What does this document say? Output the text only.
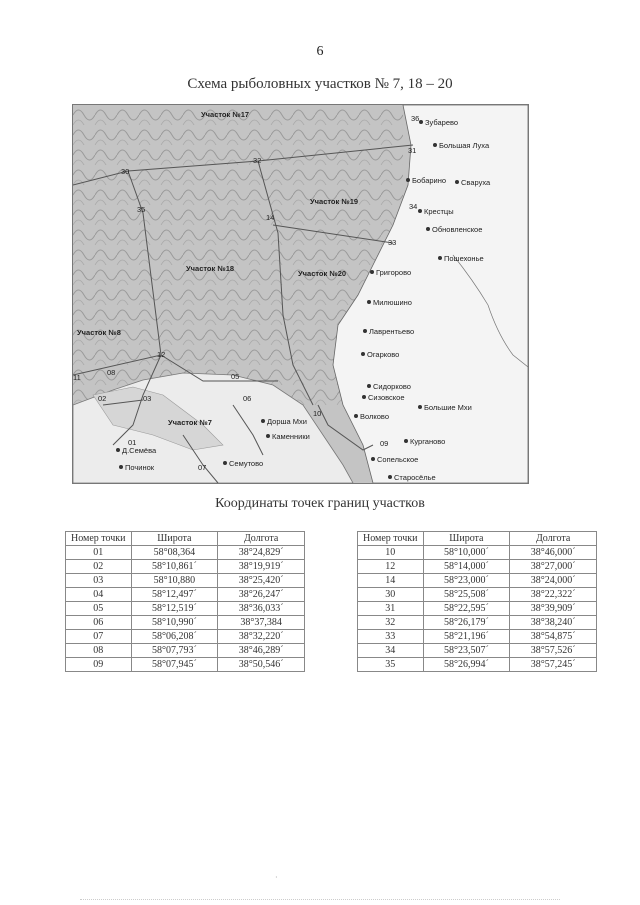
6
Схема рыболовных участков № 7, 18 – 20
Участок №17
Участок №19
Участок №18
Участок №20
Участок №8
Участок №7
01
02	03
05
06
07
08
09
10
11
12
14
30
31
32
33
34
35
36 Зубарево
Большая Луха
Бобарино Сваруха
Крестцы
Обновленское
Пошехонье
Григорово
Милюшино
Лаврентьево
Огарково
Сидорково
Сизовское
Большие Мхи
Волково
Курганово
Сопельское
Старосёлье
Починок
Д.Семёва
Дорша Мхи
Каменники
Семутово
Координаты точек границ участков
Номер точки	Широта	Долгота
01	58°08,364	38°24,829´
02	58°10,861´	38°19,919´
03	58°10,880	38°25,420´
04	58°12,497´	38°26,247´
05	58°12,519´	38°36,033´
06	58°10,990´	38°37,384
07	58°06,208´	38°32,220´
08	58°07,793´	38°46,289´
09	58°07,945´	38°50,546´
Номер точки	Широта	Долгота
10	58°10,000´	38°46,000´
12	58°14,000´	38°27,000´
14	58°23,000´	38°24,000´
30	58°25,508´	38°22,322´
31	58°22,595´	38°39,909´
32	58°26,179´	38°38,240´
33	58°21,196´	38°54,875´
34	58°23,507´	38°57,526´
35	58°26,994´	38°57,245´
·
